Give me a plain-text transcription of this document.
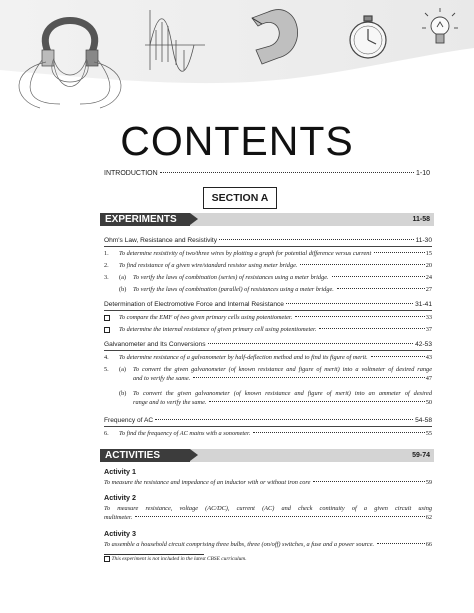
CONTENTS
INTRODUCTION	1-10
SECTION A
EXPERIMENTS	11-58
Ohm's Law, Resistance and Resistivity	11-30
1. To determine resistivity of two/three wires by plotting a graph for potential difference versus current	15
2. To find resistance of a given wire/standard resistor using meter bridge.	20
3. (a) To verify the laws of combination (series) of resistances using a meter bridge.	24
(b) To verify the laws of combination (parallel) of resistances using a meter bridge.	27
Determination of Electromotive Force and Internal Resistance	31-41
To compare the EMF of two given primary cells using potentiometer.	33
To determine the internal resistance of given primary cell using potentiometer.	37
Galvanometer and Its Conversions	42-53
4. To determine resistance of a galvanometer by half-deflection method and to find its figure of merit.	43
5. (a) To convert the given galvanometer (of known resistance and figure of merit) into a voltmeter of desired range
and to verify the same.	47
(b) To convert the given galvanometer (of known resistance and figure of merit) into an ammeter of desired
range and to verify the same.	50
Frequency of AC	54-58
6. To find the frequency of AC mains with a sonometer.	55
ACTIVITIES	59-74
Activity 1
To measure the resistance and impedance of an inductor with or without iron core	59
Activity 2
To measure resistance, voltage (AC/DC), current (AC) and check continuity of a given circuit using
multimeter.	62
Activity 3
To assemble a household circuit comprising three bulbs, three (on/off) switches, a fuse and a power source.	66
This experiment is not included in the latest CBSE curriculum.
